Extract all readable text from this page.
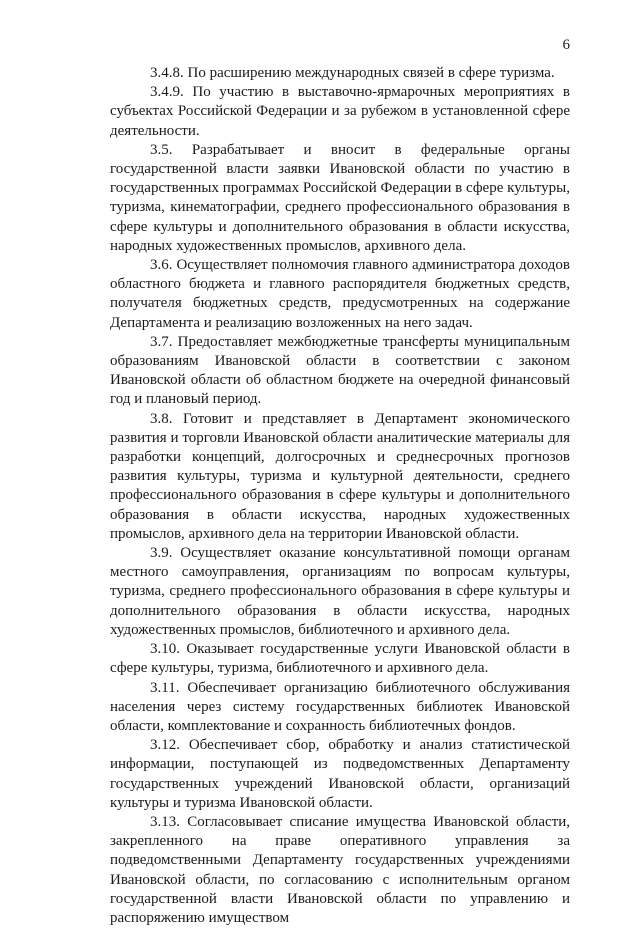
6

3.4.8. По расширению международных связей в сфере туризма.

3.4.9. По участию в выставочно-ярмарочных мероприятиях в субъектах Российской Федерации и за рубежом в установленной сфере деятельности.

3.5. Разрабатывает и вносит в федеральные органы государственной власти заявки Ивановской области по участию в государственных программах Российской Федерации в сфере культуры, туризма, кинематографии, среднего профессионального образования в сфере культуры и дополнительного образования в области искусства, народных художественных промыслов, архивного дела.

3.6. Осуществляет полномочия главного администратора доходов областного бюджета и главного распорядителя бюджетных средств, получателя бюджетных средств, предусмотренных на содержание Департамента и реализацию возложенных на него задач.

3.7. Предоставляет межбюджетные трансферты муниципальным образованиям Ивановской области в соответствии с законом Ивановской области об областном бюджете на очередной финансовый год и плановый период.

3.8. Готовит и представляет в Департамент экономического развития и торговли Ивановской области аналитические материалы для разработки концепций, долгосрочных и среднесрочных прогнозов развития культуры, туризма и культурной деятельности, среднего профессионального образования в сфере культуры и дополнительного образования в области искусства, народных художественных промыслов, архивного дела на территории Ивановской области.

3.9. Осуществляет оказание консультативной помощи органам местного самоуправления, организациям по вопросам культуры, туризма, среднего профессионального образования в сфере культуры и дополнительного образования в области искусства, народных художественных промыслов, библиотечного и архивного дела.

3.10. Оказывает государственные услуги Ивановской области в сфере культуры, туризма, библиотечного и архивного дела.

3.11. Обеспечивает организацию библиотечного обслуживания населения через систему государственных библиотек Ивановской области, комплектование и сохранность библиотечных фондов.

3.12. Обеспечивает сбор, обработку и анализ статистической информации, поступающей из подведомственных Департаменту государственных учреждений Ивановской области, организаций культуры и туризма Ивановской области.

3.13. Согласовывает списание имущества Ивановской области, закрепленного на праве оперативного управления за подведомственными Департаменту государственных учреждениями Ивановской области, по согласованию с исполнительным органом государственной власти Ивановской области по управлению и распоряжению имуществом
